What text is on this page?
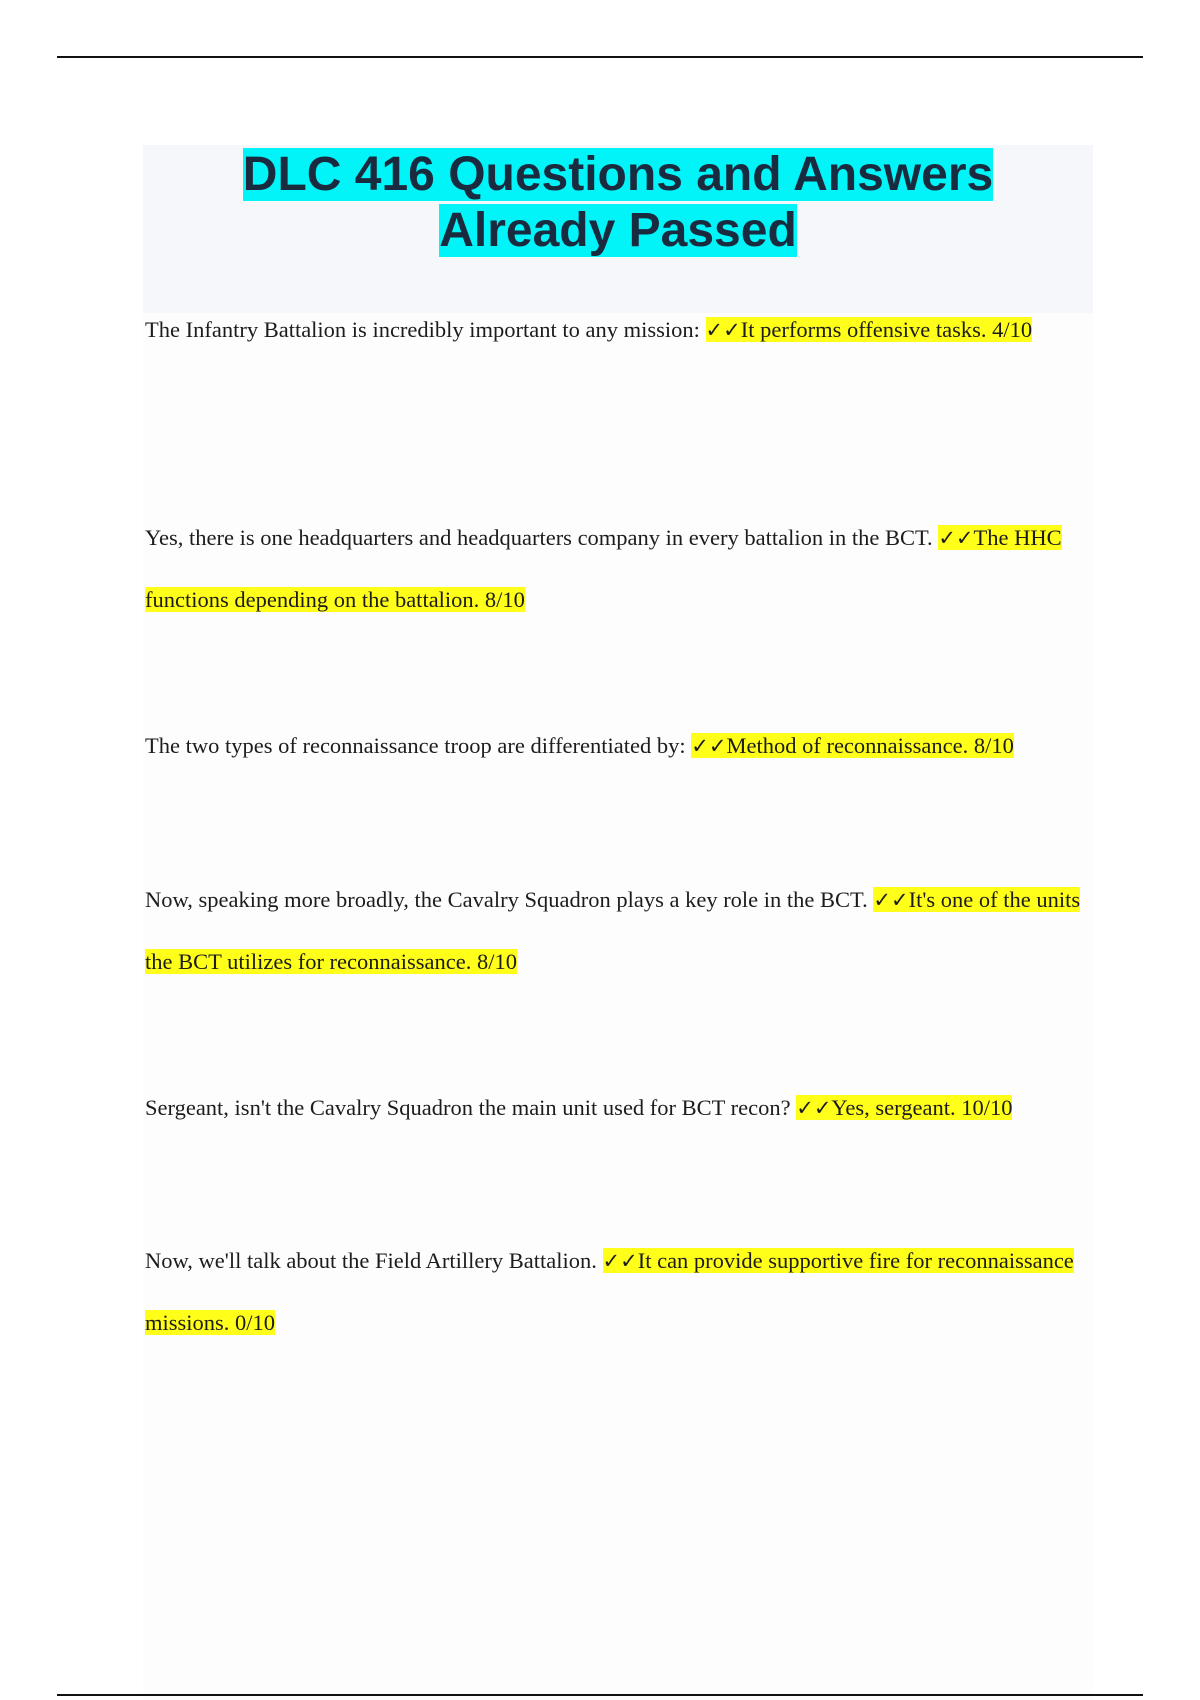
DLC 416 Questions and Answers
Already Passed

The Infantry Battalion is incredibly important to any mission: ✓✓It performs offensive tasks. 4/10

Yes, there is one headquarters and headquarters company in every battalion in the BCT. ✓✓The HHC functions depending on the battalion. 8/10

The two types of reconnaissance troop are differentiated by: ✓✓Method of reconnaissance. 8/10

Now, speaking more broadly, the Cavalry Squadron plays a key role in the BCT. ✓✓It's one of the units the BCT utilizes for reconnaissance. 8/10

Sergeant, isn't the Cavalry Squadron the main unit used for BCT recon? ✓✓Yes, sergeant. 10/10

Now, we'll talk about the Field Artillery Battalion. ✓✓It can provide supportive fire for reconnaissance missions. 0/10
